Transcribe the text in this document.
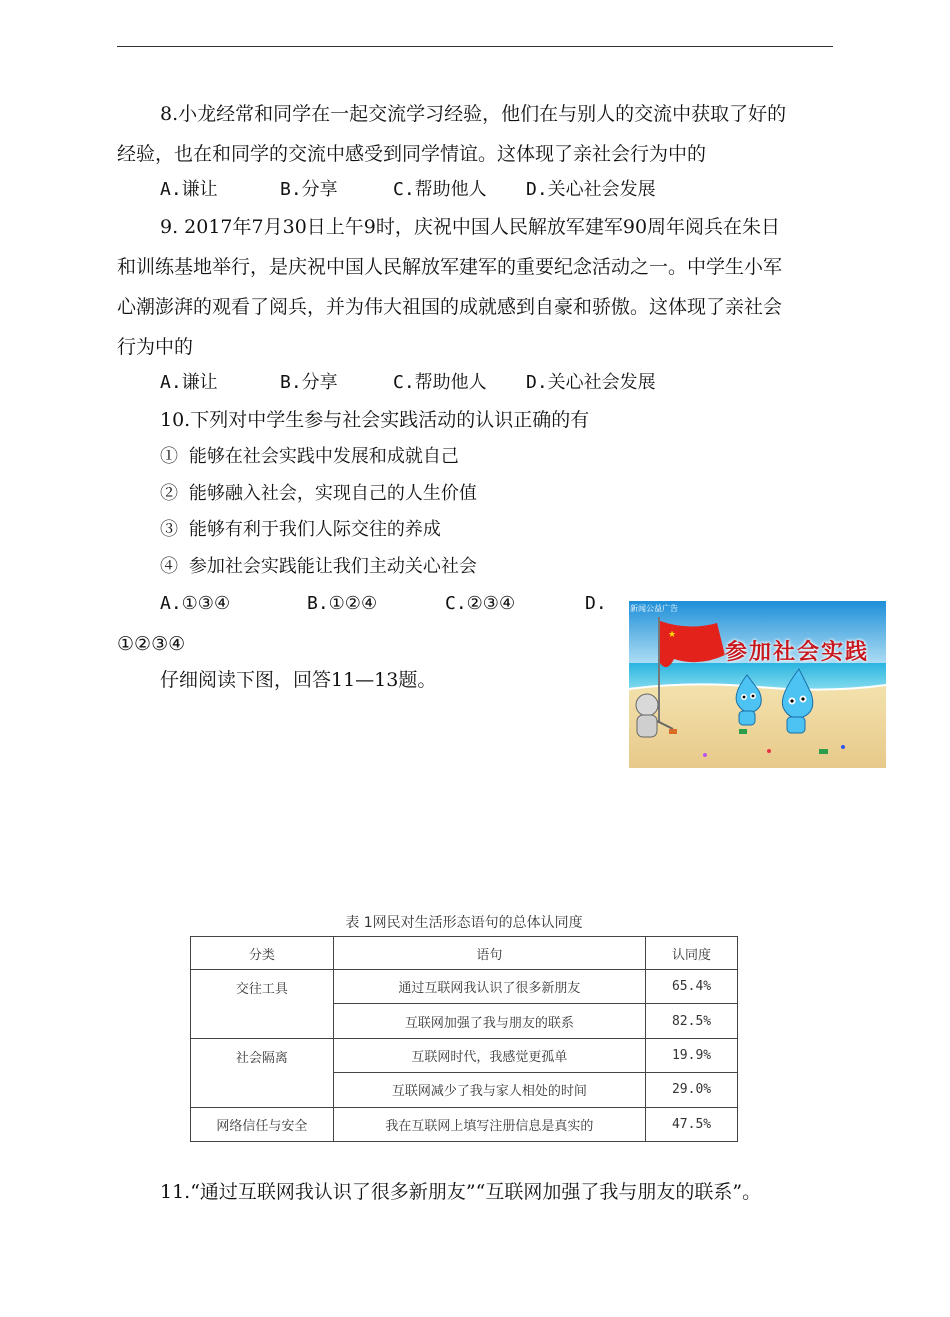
8.小龙经常和同学在一起交流学习经验，他们在与别人的交流中获取了好的
经验，也在和同学的交流中感受到同学情谊。这体现了亲社会行为中的
A.谦让	B.分享	C.帮助他人 D.关心社会发展
9. 2017年7月30日上午9时，庆祝中国人民解放军建军90周年阅兵在朱日
和训练基地举行，是庆祝中国人民解放军建军的重要纪念活动之一。中学生小军
心潮澎湃的观看了阅兵，并为伟大祖国的成就感到自豪和骄傲。这体现了亲社会
行为中的
A.谦让	B.分享	C.帮助他人 D.关心社会发展
10.下列对中学生参与社会实践活动的认识正确的有
① 能够在社会实践中发展和成就自己
② 能够融入社会，实现自己的人生价值
③ 能够有利于我们人际交往的养成
④ 参加社会实践能让我们主动关心社会
A.①③④	B.①②④	C.②③④	D.
①②③④
仔细阅读下图，回答11—13题。
★
新闻公益广告
参加社会实践
表 1网民对生活形态语句的总体认同度
分类	语句	认同度
交往工具	通过互联网我认识了很多新朋友	65.4%
	互联网加强了我与朋友的联系	82.5%
社会隔离	互联网时代，我感觉更孤单	19.9%
	互联网减少了我与家人相处的时间	29.0%
网络信任与安全	我在互联网上填写注册信息是真实的	47.5%
11.“通过互联网我认识了很多新朋友”“互联网加强了我与朋友的联系”。
